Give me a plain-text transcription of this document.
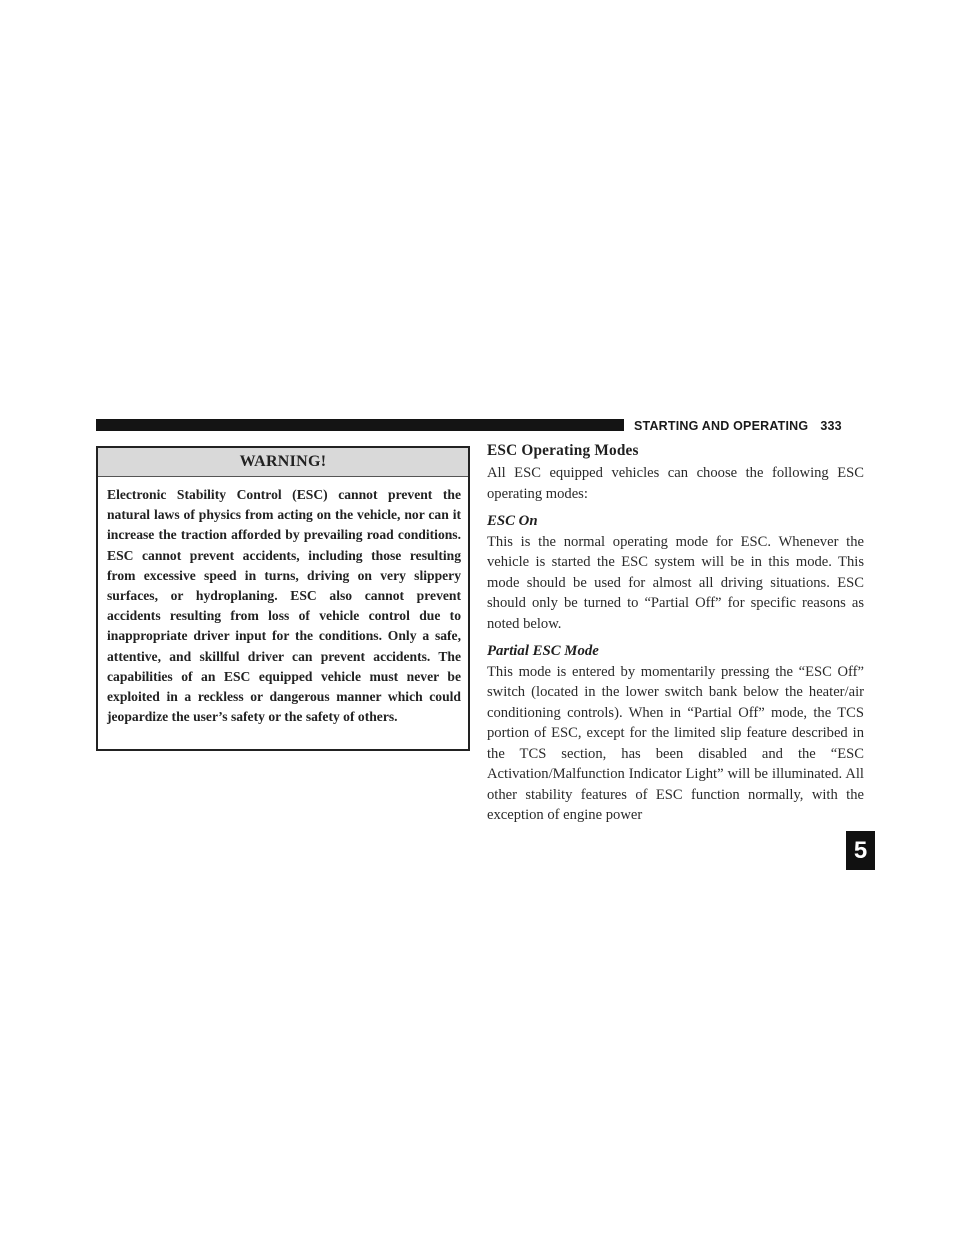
STARTING AND OPERATING 333
WARNING!
Electronic Stability Control (ESC) cannot prevent the natural laws of physics from acting on the vehicle, nor can it increase the traction afforded by prevailing road conditions. ESC cannot prevent accidents, including those resulting from excessive speed in turns, driving on very slippery surfaces, or hydroplaning. ESC also cannot prevent accidents resulting from loss of vehicle control due to inappropriate driver input for the conditions. Only a safe, attentive, and skillful driver can prevent accidents. The capabilities of an ESC equipped vehicle must never be exploited in a reckless or dangerous manner which could jeopardize the user’s safety or the safety of others.
ESC Operating Modes

All ESC equipped vehicles can choose the following ESC operating modes:

ESC On

This is the normal operating mode for ESC. Whenever the vehicle is started the ESC system will be in this mode. This mode should be used for almost all driving situations. ESC should only be turned to “Partial Off” for specific reasons as noted below.

Partial ESC Mode

This mode is entered by momentarily pressing the “ESC Off” switch (located in the lower switch bank below the heater/air conditioning controls). When in “Partial Off” mode, the TCS portion of ESC, except for the limited slip feature described in the TCS section, has been disabled and the “ESC Activation/Malfunction Indicator Light” will be illuminated. All other stability features of ESC function normally, with the exception of engine power

5
